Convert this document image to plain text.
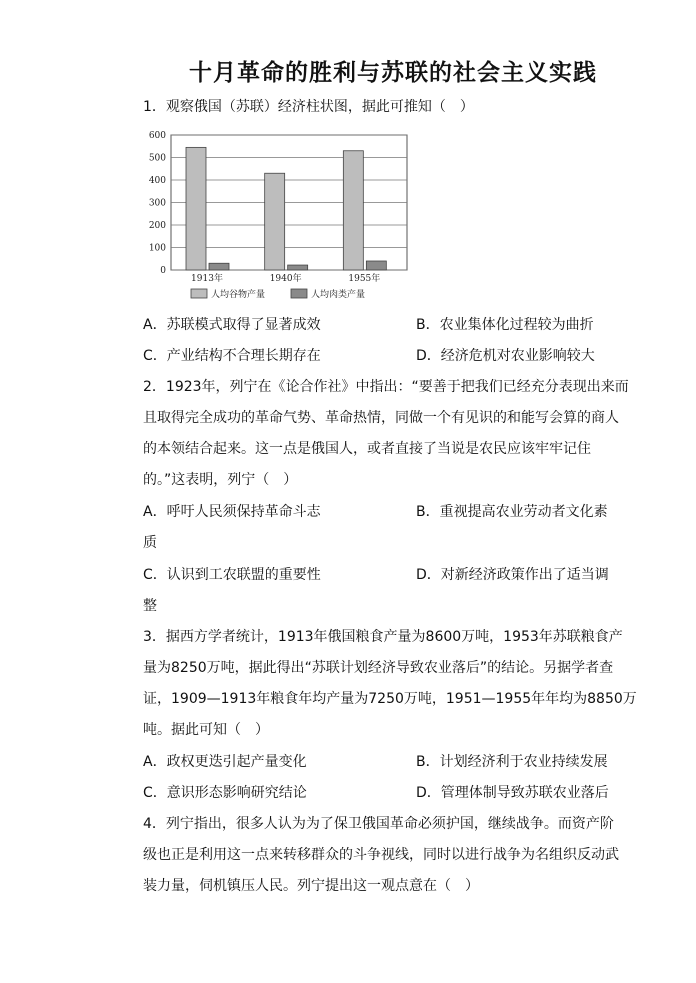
十月革命的胜利与苏联的社会主义实践
1．观察俄国（苏联）经济柱状图，据此可推知（　）
0
100
200
300
400
500
600
1913年	1940年	1955年
人均谷物产量	人均肉类产量
A．苏联模式取得了显著成效	B．农业集体化过程较为曲折
C．产业结构不合理长期存在	D．经济危机对农业影响较大
2．1923年，列宁在《论合作社》中指出：“要善于把我们已经充分表现出来而
且取得完全成功的革命气势、革命热情，同做一个有见识的和能写会算的商人
的本领结合起来。这一点是俄国人，或者直接了当说是农民应该牢牢记住
的。”这表明，列宁（　）
A．呼吁人民须保持革命斗志	B．重视提高农业劳动者文化素
质
C．认识到工农联盟的重要性	D．对新经济政策作出了适当调
整
3．据西方学者统计，1913年俄国粮食产量为8600万吨，1953年苏联粮食产
量为8250万吨，据此得出“苏联计划经济导致农业落后”的结论。另据学者查
证，1909—1913年粮食年均产量为7250万吨，1951—1955年年均为8850万
吨。据此可知（　）
A．政权更迭引起产量变化	B．计划经济利于农业持续发展
C．意识形态影响研究结论	D．管理体制导致苏联农业落后
4．列宁指出，很多人认为为了保卫俄国革命必须护国，继续战争。而资产阶
级也正是利用这一点来转移群众的斗争视线，同时以进行战争为名组织反动武
装力量，伺机镇压人民。列宁提出这一观点意在（　）
